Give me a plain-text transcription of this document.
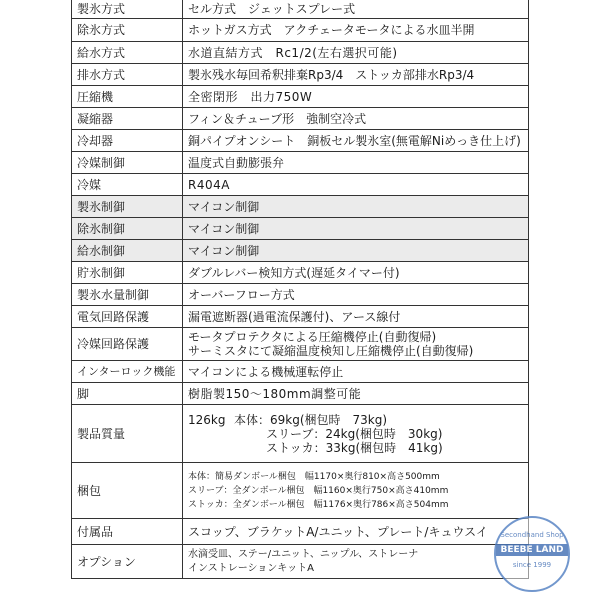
製氷方式	セル方式　ジェットスプレー式
除氷方式	ホットガス方式　アクチェータモータによる水皿半開
給水方式	水道直結方式　Rc1/2(左右選択可能)
排水方式	製氷残水毎回希釈排棄Rp3/4　ストッカ部排水Rp3/4
圧縮機	全密閉形　出力750W
凝縮器	フィン＆チューブ形　強制空冷式
冷却器	銅パイプオンシート　銅板セル製氷室(無電解Niめっき仕上げ)
冷媒制御	温度式自動膨張弁
冷媒	R404A
製氷制御	マイコン制御
除氷制御	マイコン制御
給水制御	マイコン制御
貯氷制御	ダブルレバー検知方式(遅延タイマー付)
製氷水量制御	オーバーフロー方式
電気回路保護	漏電遮断器(過電流保護付)、アース線付
冷媒回路保護	モータプロテクタによる圧縮機停止(自動復帰)
サーミスタにて凝縮温度検知し圧縮機停止(自動復帰)

インターロック機能	マイコンによる機械運転停止
脚	樹脂製150～180mm調整可能
製品質量	126kg 本体：69kg(梱包時　73kg)
スリーブ：24kg(梱包時　30kg)
ストッカ：33kg(梱包時　41kg)

梱包	本体：簡易ダンボール梱包　幅1170×奥行810×高さ500mm
スリーブ：全ダンボール梱包　幅1160×奥行750×高さ410mm
ストッカ：全ダンボール梱包　幅1176×奥行786×高さ504mm

付属品	スコップ、ブラケットA/ユニット、プレート/キュウスイ
オプション	水滴受皿、ステー/ユニット、ニップル、ストレーナ
インストレーションキットA
Secondhand Shop
BEEBE LAND
since 1999
